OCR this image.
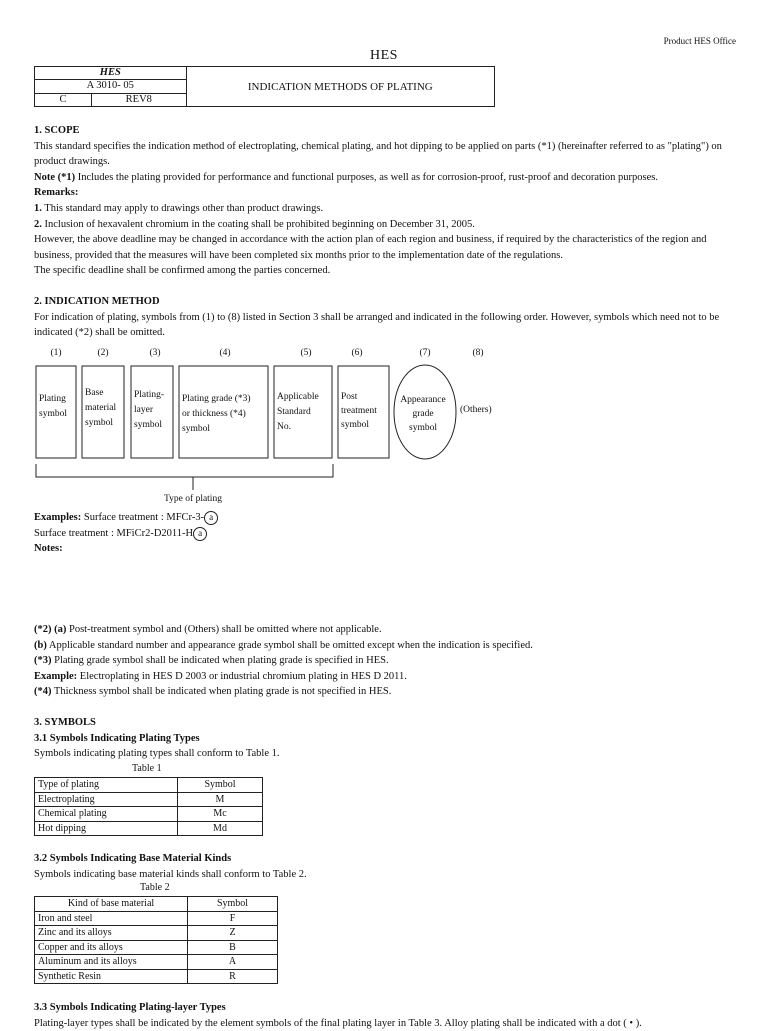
Product HES Office
HES
HES		INDICATION METHODS OF PLATING
A 3010- 05		
C	REV8	

1. SCOPE

This standard specifies the indication method of electroplating, chemical plating, and hot dipping to be applied on parts (*1) (hereinafter referred to as "plating") on product drawings.

Note (*1) Includes the plating provided for performance and functional purposes, as well as for corrosion-proof, rust-proof and decoration purposes.

Remarks:

1. This standard may apply to drawings other than product drawings.

2. Inclusion of hexavalent chromium in the coating shall be prohibited beginning on December 31, 2005.

However, the above deadline may be changed in accordance with the action plan of each region and business, if required by the characteristics of the region and business, provided that the measures will have been completed six months prior to the implementation date of the regulations.

The specific deadline shall be confirmed among the parties concerned.

2. INDICATION METHOD

For indication of plating, symbols from (1) to (8) listed in Section 3 shall be arranged and indicated in the following order. However, symbols which need not to be indicated (*2) shall be omitted.

(1)	(2)	(3)	(4)	(5)	(6)	(7)	(8)
Plating
symbol
Base
material
symbol
Plating-
layer
symbol
Plating grade (*3)
or thickness (*4)
symbol
Applicable
Standard
No.
Post
treatment
symbol
Appearance
grade
symbol
(Others)
Type of plating

Examples: Surface treatment : MFCr-3- a

Surface treatment : MFiCr2-D2011-H a

Notes:

(*2) (a) Post-treatment symbol and (Others) shall be omitted where not applicable.

(b) Applicable standard number and appearance grade symbol shall be omitted except when the indication is specified.

(*3) Plating grade symbol shall be indicated when plating grade is specified in HES.

Example: Electroplating in HES D 2003 or industrial chromium plating in HES D 2011.

(*4) Thickness symbol shall be indicated when plating grade is not specified in HES.

3. SYMBOLS

3.1 Symbols Indicating Plating Types

Symbols indicating plating types shall conform to Table 1.

Table 1
Type of plating	Symbol
Electroplating	M
Chemical plating	Mc
Hot dipping	Md

3.2 Symbols Indicating Base Material Kinds

Symbols indicating base material kinds shall conform to Table 2.

Table 2
Kind of base material	Symbol
Iron and steel	F
Zinc and its alloys	Z
Copper and its alloys	B
Aluminum and its alloys	A
Synthetic Resin	R

3.3 Symbols Indicating Plating-layer Types

Plating-layer types shall be indicated by the element symbols of the final plating layer in Table 3. Alloy plating shall be indicated with a dot ( • ).
